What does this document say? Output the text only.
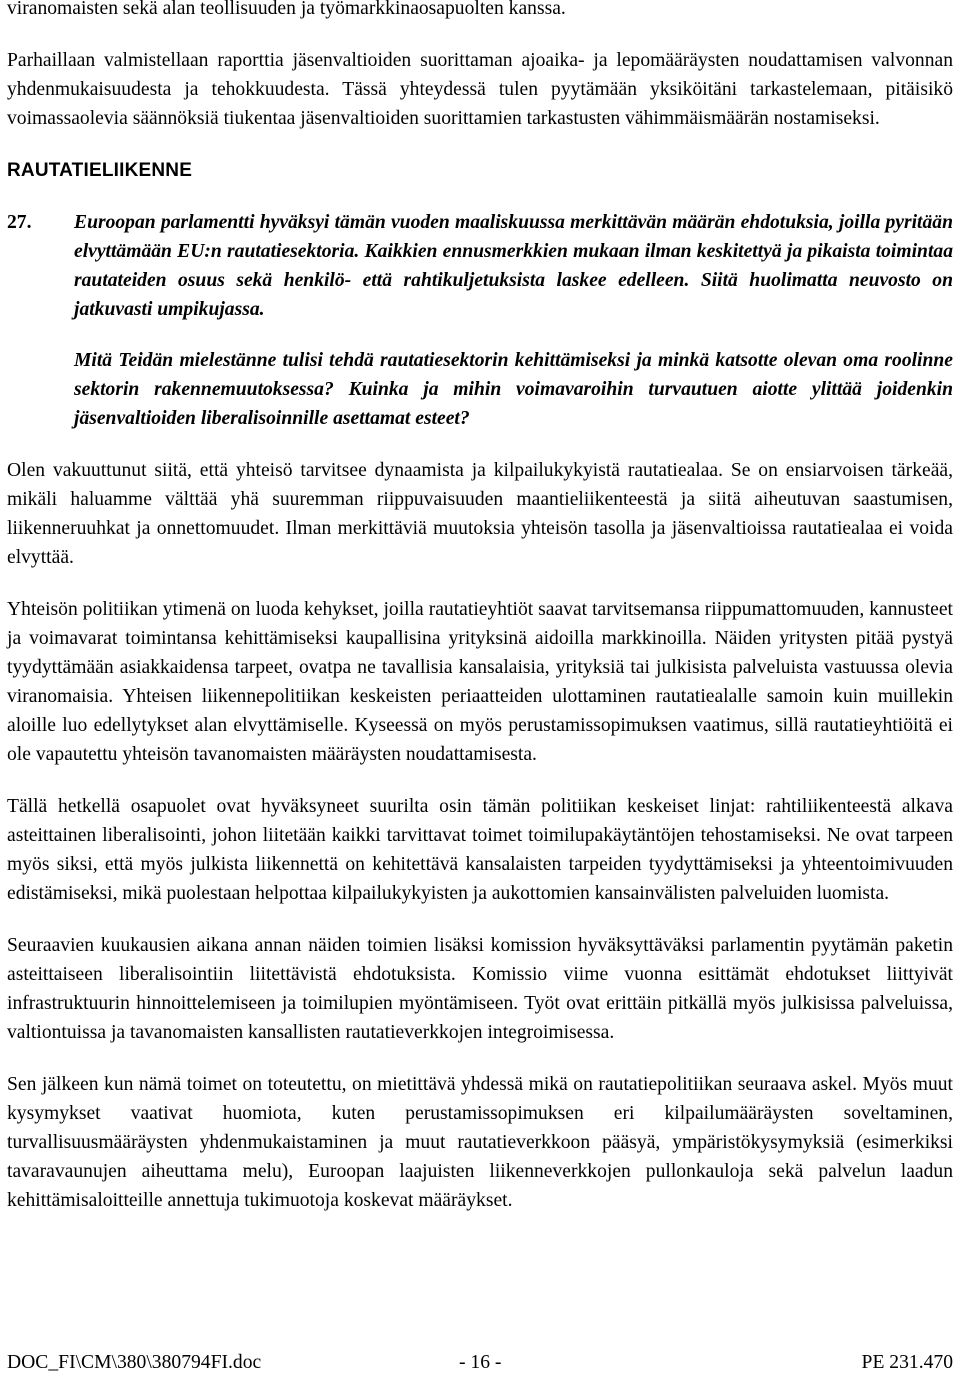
viranomaisten sekä alan teollisuuden ja työmarkkinaosapuolten kanssa.

Parhaillaan valmistellaan raporttia jäsenvaltioiden suorittaman ajoaika- ja lepomääräysten noudattamisen valvonnan yhdenmukaisuudesta ja tehokkuudesta. Tässä yhteydessä tulen pyytämään yksiköitäni tarkastelemaan, pitäisikö voimassaolevia säännöksiä tiukentaa jäsenvaltioiden suorittamien tarkastusten vähimmäismäärän nostamiseksi.

RAUTATIELIIKENNE

27. Euroopan parlamentti hyväksyi tämän vuoden maaliskuussa merkittävän määrän ehdotuksia, joilla pyritään elvyttämään EU:n rautatiesektoria. Kaikkien ennusmerkkien mukaan ilman keskitettyä ja pikaista toimintaa rautateiden osuus sekä henkilö- että rahtikuljetuksista laskee edelleen. Siitä huolimatta neuvosto on jatkuvasti umpikujassa.

Mitä Teidän mielestänne tulisi tehdä rautatiesektorin kehittämiseksi ja minkä katsotte olevan oma roolinne sektorin rakennemuutoksessa? Kuinka ja mihin voimavaroihin turvautuen aiotte ylittää joidenkin jäsenvaltioiden liberalisoinnille asettamat esteet?

Olen vakuuttunut siitä, että yhteisö tarvitsee dynaamista ja kilpailukykyistä rautatiealaa. Se on ensiarvoisen tärkeää, mikäli haluamme välttää yhä suuremman riippuvaisuuden maantieliikenteestä ja siitä aiheutuvan saastumisen, liikenneruuhkat ja onnettomuudet. Ilman merkittäviä muutoksia yhteisön tasolla ja jäsenvaltioissa rautatiealaa ei voida elvyttää.

Yhteisön politiikan ytimenä on luoda kehykset, joilla rautatieyhtiöt saavat tarvitsemansa riippumattomuuden, kannusteet ja voimavarat toimintansa kehittämiseksi kaupallisina yrityksinä aidoilla markkinoilla. Näiden yritysten pitää pystyä tyydyttämään asiakkaidensa tarpeet, ovatpa ne tavallisia kansalaisia, yrityksiä tai julkisista palveluista vastuussa olevia viranomaisia. Yhteisen liikennepolitiikan keskeisten periaatteiden ulottaminen rautatiealalle samoin kuin muillekin aloille luo edellytykset alan elvyttämiselle. Kyseessä on myös perustamissopimuksen vaatimus, sillä rautatieyhtiöitä ei ole vapautettu yhteisön tavanomaisten määräysten noudattamisesta.

Tällä hetkellä osapuolet ovat hyväksyneet suurilta osin tämän politiikan keskeiset linjat: rahtiliikenteestä alkava asteittainen liberalisointi, johon liitetään kaikki tarvittavat toimet toimilupakäytäntöjen tehostamiseksi. Ne ovat tarpeen myös siksi, että myös julkista liikennettä on kehitettävä kansalaisten tarpeiden tyydyttämiseksi ja yhteentoimivuuden edistämiseksi, mikä puolestaan helpottaa kilpailukykyisten ja aukottomien kansainvälisten palveluiden luomista.

Seuraavien kuukausien aikana annan näiden toimien lisäksi komission hyväksyttäväksi parlamentin pyytämän paketin asteittaiseen liberalisointiin liitettävistä ehdotuksista. Komissio viime vuonna esittämät ehdotukset liittyivät infrastruktuurin hinnoittelemiseen ja toimilupien myöntämiseen. Työt ovat erittäin pitkällä myös julkisissa palveluissa, valtiontuissa ja tavanomaisten kansallisten rautatieverkkojen integroimisessa.

Sen jälkeen kun nämä toimet on toteutettu, on mietittävä yhdessä mikä on rautatiepolitiikan seuraava askel. Myös muut kysymykset vaativat huomiota, kuten perustamissopimuksen eri kilpailumääräysten soveltaminen, turvallisuusmääräysten yhdenmukaistaminen ja muut rautatieverkkoon pääsyä, ympäristökysymyksiä (esimerkiksi tavaravaunujen aiheuttama melu), Euroopan laajuisten liikenneverkkojen pullonkauloja sekä palvelun laadun kehittämisaloitteille annettuja tukimuotoja koskevat määräykset.

DOC_FI\CM\380\380794FI.doc	- 16 -	PE 231.470
